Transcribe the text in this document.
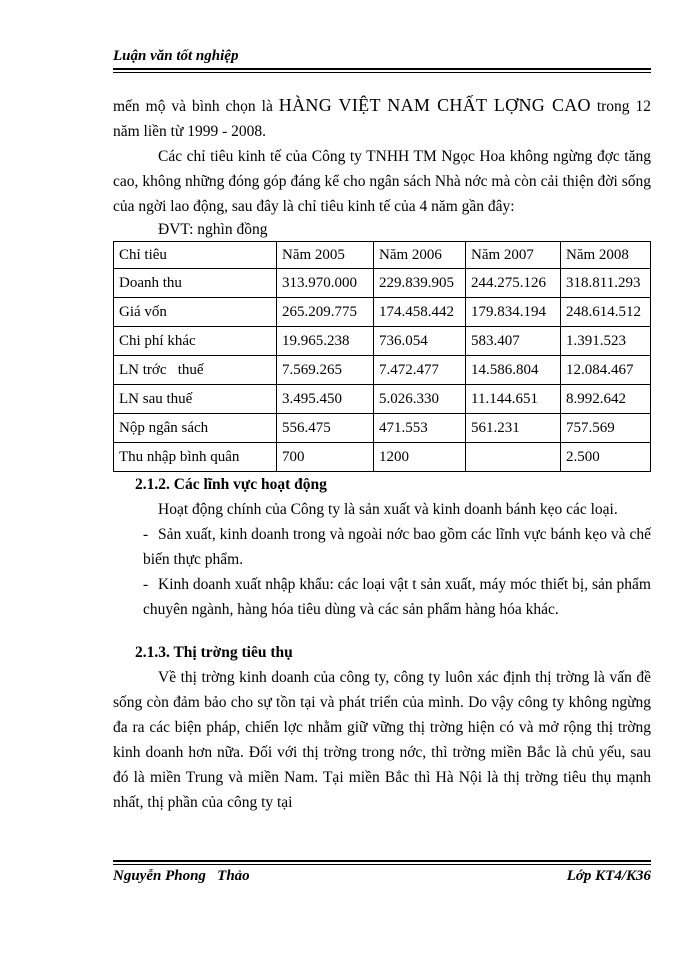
Luận văn tốt nghiệp

mến mộ và bình chọn là HÀNG VIỆT NAM CHẤT LỢNG CAO trong 12 năm liền từ 1999 - 2008.

Các chỉ tiêu kinh tế của Công ty TNHH TM Ngọc Hoa không ngừng đợc tăng cao, không những đóng góp đáng kể cho ngân sách Nhà nớc mà còn cải thiện đời sống của ngời lao động, sau đây là chỉ tiêu kinh tế của 4 năm gần đây:

ĐVT: nghìn đồng

Chỉ tiêu	Năm 2005	Năm 2006	Năm 2007	Năm 2008
Doanh thu	313.970.000	229.839.905	244.275.126	318.811.293
Giá vốn	265.209.775	174.458.442	179.834.194	248.614.512
Chi phí khác	19.965.238	736.054	583.407	1.391.523
LN trớc   thuế	7.569.265	7.472.477	14.586.804	12.084.467
LN sau thuế	3.495.450	5.026.330	11.144.651	8.992.642
Nộp ngân sách	556.475	471.553	561.231	757.569
Thu nhập bình quân	700	1200		2.500

2.1.2. Các lĩnh vực hoạt động

Hoạt động chính của Công ty là sản xuất và kinh doanh bánh kẹo các loại.

- Sản xuất, kinh doanh trong và ngoài nớc bao gồm các lĩnh vực bánh kẹo và chế biến thực phẩm.

- Kinh doanh xuất nhập khẩu: các loại vật t sản xuất, máy móc thiết bị, sản phẩm chuyên ngành, hàng hóa tiêu dùng và các sản phẩm hàng hóa khác.

2.1.3. Thị trờng tiêu thụ

Về thị trờng kinh doanh của công ty, công ty luôn xác định thị trờng là vấn đề sống còn đảm bảo cho sự tồn tại và phát triển của mình. Do vậy công ty không ngừng đa ra các biện pháp, chiến lợc nhằm giữ vững thị trờng hiện có và mở rộng thị trờng kinh doanh hơn nữa. Đối với thị trờng trong nớc, thì trờng miền Bắc là chủ yếu, sau đó là miền Trung và miền Nam. Tại miền Bắc thì Hà Nội là thị trờng tiêu thụ mạnh nhất, thị phần của công ty tại

Nguyễn Phong   Thảo	Lớp KT4/K36
